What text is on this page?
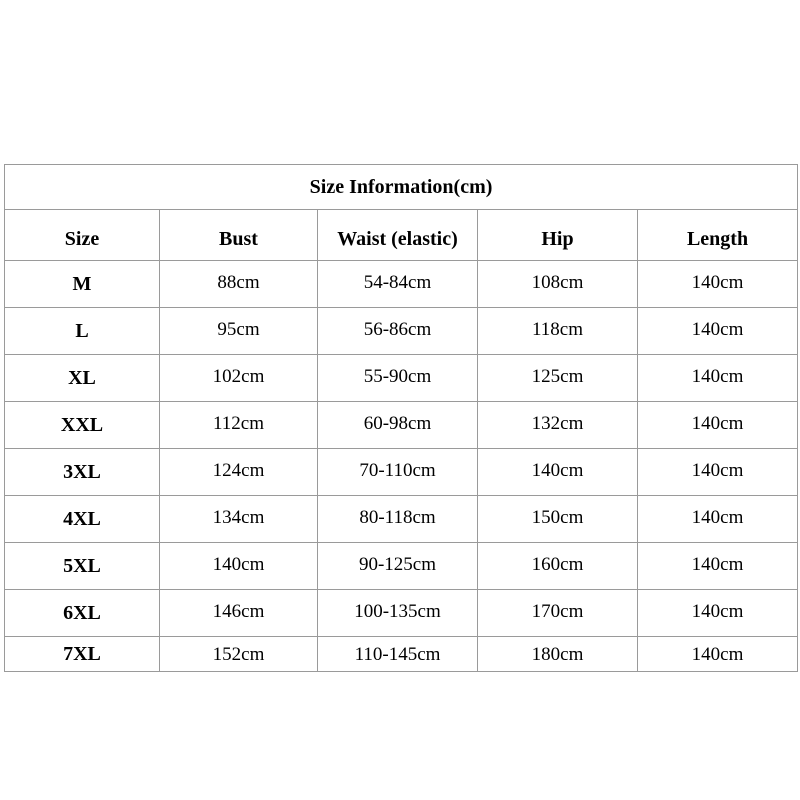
Size Information(cm)				
Size	Bust	Waist (elastic)	Hip	Length
M	88cm	54-84cm	108cm	140cm
L	95cm	56-86cm	118cm	140cm
XL	102cm	55-90cm	125cm	140cm
XXL	112cm	60-98cm	132cm	140cm
3XL	124cm	70-110cm	140cm	140cm
4XL	134cm	80-118cm	150cm	140cm
5XL	140cm	90-125cm	160cm	140cm
6XL	146cm	100-135cm	170cm	140cm
7XL	152cm	110-145cm	180cm	140cm
